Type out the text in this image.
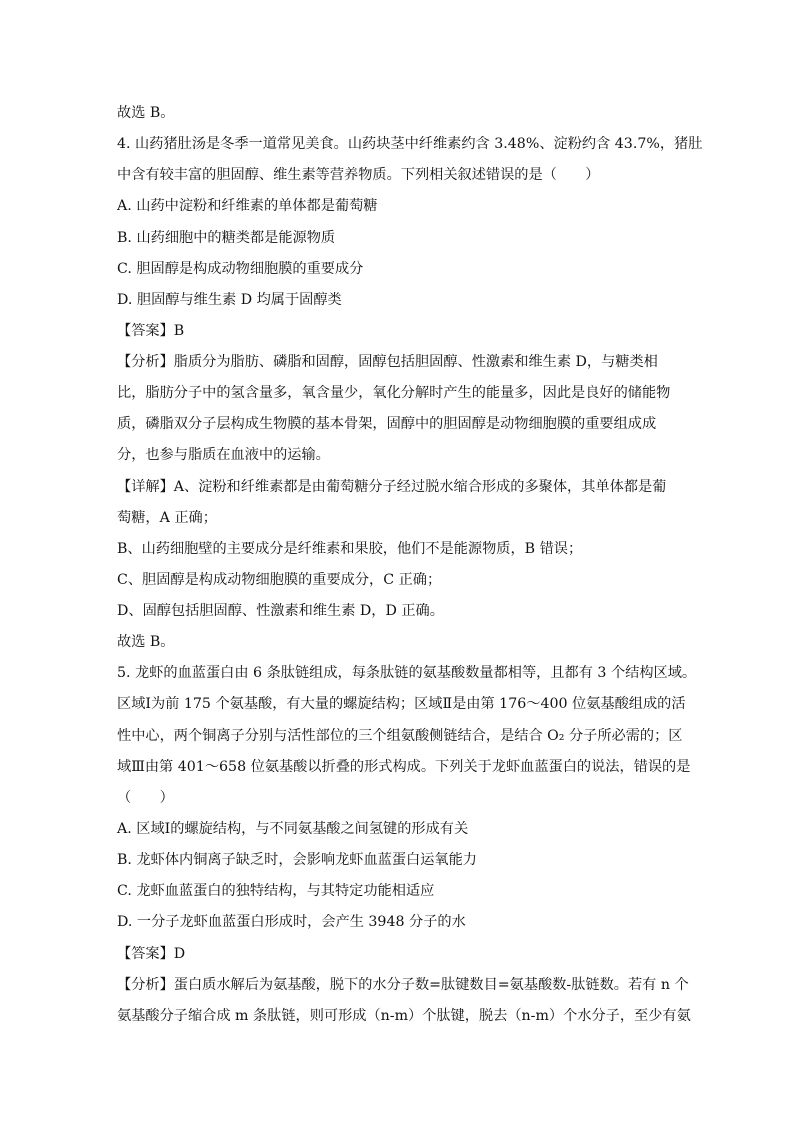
故选 B。
4. 山药猪肚汤是冬季一道常见美食。山药块茎中纤维素约含 3.48%、淀粉约含 43.7%，猪肚
中含有较丰富的胆固醇、维生素等营养物质。下列相关叙述错误的是（　　）
A. 山药中淀粉和纤维素的单体都是葡萄糖
B. 山药细胞中的糖类都是能源物质
C. 胆固醇是构成动物细胞膜的重要成分
D. 胆固醇与维生素 D 均属于固醇类
【答案】B
【分析】脂质分为脂肪、磷脂和固醇，固醇包括胆固醇、性激素和维生素 D，与糖类相
比，脂肪分子中的氢含量多，氧含量少，氧化分解时产生的能量多，因此是良好的储能物
质，磷脂双分子层构成生物膜的基本骨架，固醇中的胆固醇是动物细胞膜的重要组成成
分，也参与脂质在血液中的运输。
【详解】A、淀粉和纤维素都是由葡萄糖分子经过脱水缩合形成的多聚体，其单体都是葡
萄糖，A 正确；
B、山药细胞壁的主要成分是纤维素和果胶，他们不是能源物质，B 错误；
C、胆固醇是构成动物细胞膜的重要成分，C 正确；
D、固醇包括胆固醇、性激素和维生素 D，D 正确。
故选 B。
5. 龙虾的血蓝蛋白由 6 条肽链组成，每条肽链的氨基酸数量都相等，且都有 3 个结构区域。
区域Ⅰ为前 175 个氨基酸，有大量的螺旋结构；区域Ⅱ是由第 176～400 位氨基酸组成的活
性中心，两个铜离子分别与活性部位的三个组氨酸侧链结合，是结合 O₂ 分子所必需的；区
域Ⅲ由第 401～658 位氨基酸以折叠的形式构成。下列关于龙虾血蓝蛋白的说法，错误的是
（　　）
A. 区域Ⅰ的螺旋结构，与不同氨基酸之间氢键的形成有关
B. 龙虾体内铜离子缺乏时，会影响龙虾血蓝蛋白运氧能力
C. 龙虾血蓝蛋白的独特结构，与其特定功能相适应
D. 一分子龙虾血蓝蛋白形成时，会产生 3948 分子的水
【答案】D
【分析】蛋白质水解后为氨基酸，脱下的水分子数=肽键数目=氨基酸数-肽链数。若有 n 个
氨基酸分子缩合成 m 条肽链，则可形成（n-m）个肽键，脱去（n-m）个水分子，至少有氨
